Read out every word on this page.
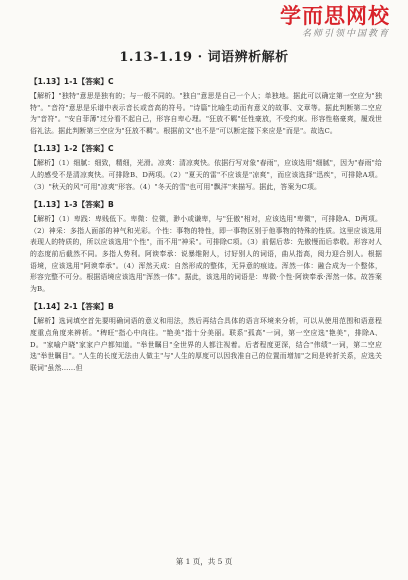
学而思网校
名师引领中国教育
1.13-1.19 · 词语辨析解析
【1.13】1-1【答案】C

【解析】"独特"意思是独有的；与一般不同的。"独自"意思是自己一个人；单独地。据此可以确定第一空应为"独特"。"音符"意思是乐谱中表示音长或音高的符号。"诗篇"比喻生动而有意义的故事、文章等。据此判断第二空应为"音符"。"安自菲薄"过分看不起自己，形容自卑心理。"狂放不羁"任性豪放，不受约束。形容性格豪爽，履戏世俗礼法。据此判断第三空应为"狂放不羁"。根据前文"也不是"可以断定接下来应是"而是"。故选C。

【1.13】1-2【答案】C

【解析】（1）细腻：细致，精细，光滑。凉爽：清凉爽快。依据行写对象"春雨"，应该选用"细腻"，因为"春雨"给人的感受不是清凉爽快。可排除B、D两项。（2）"夏天的雷"不应该是"凉爽"，而应该选择"迅疾"，可排除A项。（3）"秋天的风"可用"凉爽"形容。（4）"冬天的雪"也可用"飘洋"来描写。据此，答案为C项。

【1.13】1-3【答案】B

【解析】（1）卑践：卑贱低下。卑微：位微，渺小或谦卑，与"狂傲"相对，应该选用"卑微"，可排除A、D两项。（2）神采：多指人面部的神气和光彩。个性：事物的特性，即一事物区别于他事物的特殊的性质。这里应该选用表现人的特质的，所以应该选用"个性"，而不用"神采"。可排除C项。（3）前倨后恭：先傲慢而后恭敬。形容对人的态度前后截然不同。多指人势利。阿谀奉承：说暴维附人，讨好别人的词语，曲从指高，阅力迎合别人。根据语境，应该选用"阿谀奉承"。（4）浑然天成：自然形成的整体，无异意的痕迹。浑然一体：融合成为一个整体，形容完整不可分。根据语境应该选用"浑然一体"。据此，该选用的词语是：卑微·个性·阿谀奉承·浑然一体。故答案为B。

【1.14】2-1【答案】B

【解析】选词填空首先要明确词语的意义和用法，然后再结合具体的语言环境来分析，可以从使用范围和语意程度重点角度来辨析。"稗旺"指心中向往。"艳美"指十分美丽。联系"孤高"一词，第一空应选"艳美"，排除A、D。"家喻户晓"家家户户都知道。"举世瞩目"全世界的人都注视着。后者程度更深，结合"伟绩"一词，第二空应选"举世瞩目"。"人生的长度无法由人做主"与"人生的厚度可以因我准自己的位置而增加"之间是转折关系，应选关联词"虽然……但

第 1 页，共 5 页
